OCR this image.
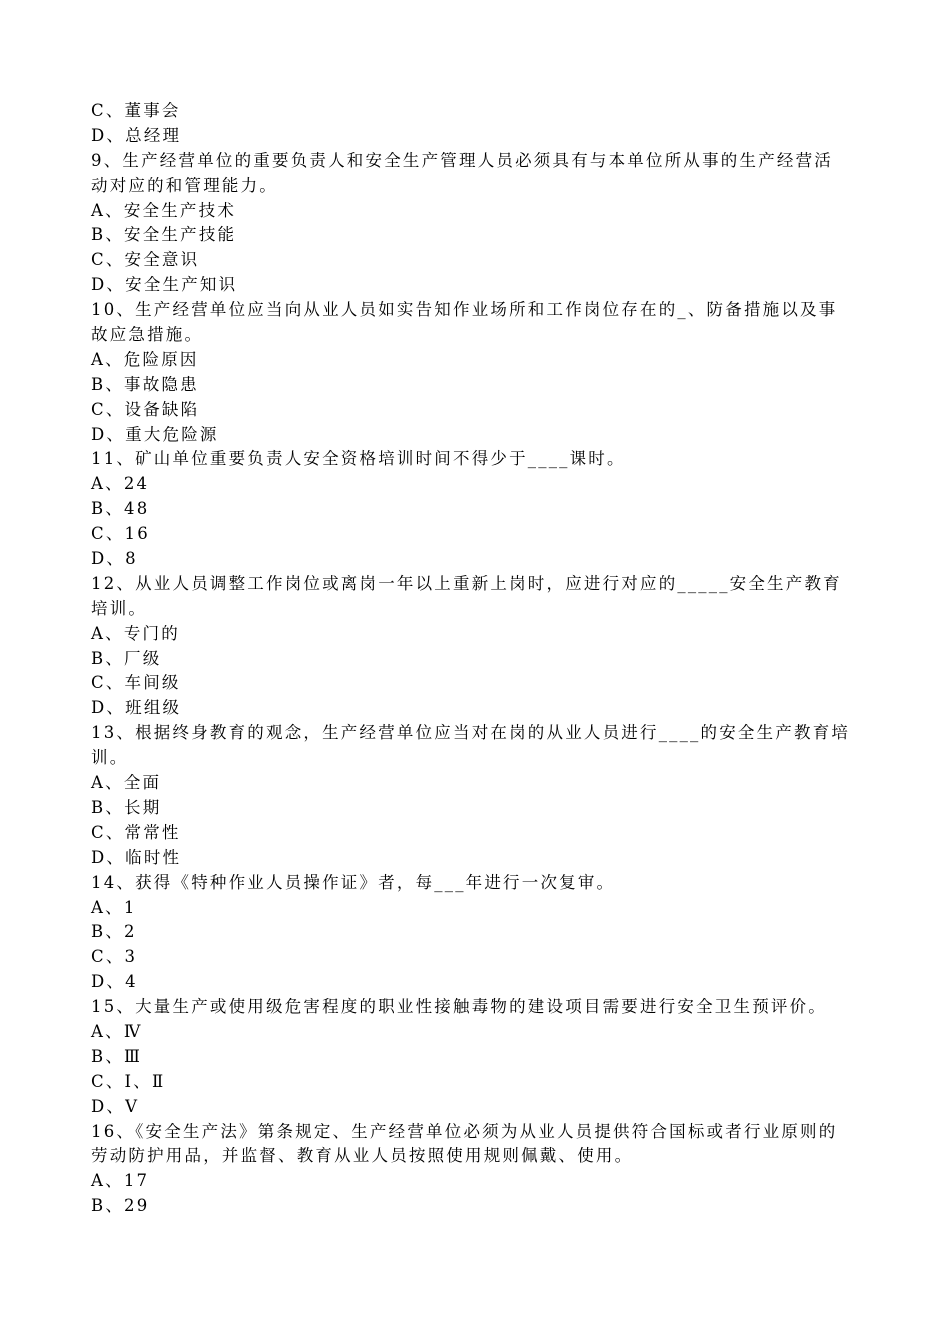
C、董事会
D、总经理
9、生产经营单位的重要负责人和安全生产管理人员必须具有与本单位所从事的生产经营活
动对应的和管理能力。
A、安全生产技术
B、安全生产技能
C、安全意识
D、安全生产知识
10、生产经营单位应当向从业人员如实告知作业场所和工作岗位存在的_、防备措施以及事
故应急措施。
A、危险原因
B、事故隐患
C、设备缺陷
D、重大危险源
11、矿山单位重要负责人安全资格培训时间不得少于____课时。
A、24
B、48
C、16
D、8
12、从业人员调整工作岗位或离岗一年以上重新上岗时，应进行对应的_____安全生产教育
培训。
A、专门的
B、厂级
C、车间级
D、班组级
13、根据终身教育的观念，生产经营单位应当对在岗的从业人员进行____的安全生产教育培
训。
A、全面
B、长期
C、常常性
D、临时性
14、获得《特种作业人员操作证》者，每___年进行一次复审。
A、1
B、2
C、3
D、4
15、大量生产或使用级危害程度的职业性接触毒物的建设项目需要进行安全卫生预评价。
A、Ⅳ
B、Ⅲ
C、Ⅰ、Ⅱ
D、Ⅴ
16、《安全生产法》第条规定、生产经营单位必须为从业人员提供符合国标或者行业原则的
劳动防护用品，并监督、教育从业人员按照使用规则佩戴、使用。
A、17
B、29
